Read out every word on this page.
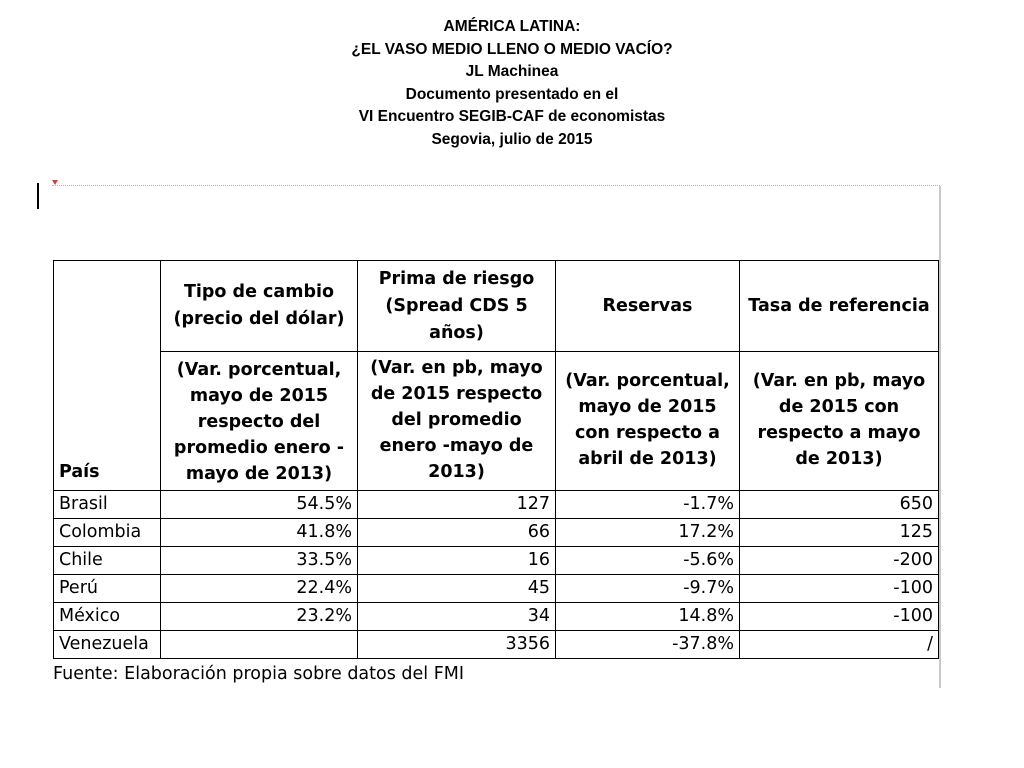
AMÉRICA LATINA:
¿EL VASO MEDIO LLENO O MEDIO VACÍO?
JL Machinea
Documento presentado en el
VI Encuentro SEGIB-CAF de economistas
Segovia, julio de 2015
País	Tipo de cambio (precio del dólar)	Prima de riesgo (Spread CDS 5 años)	Reservas	Tasa de referencia
	(Var. porcentual, mayo de 2015 respecto del promedio enero - mayo de 2013)	(Var. en pb, mayo de 2015 respecto del promedio enero -mayo de 2013)	(Var. porcentual, mayo de 2015 con respecto a abril de 2013)	(Var. en pb, mayo de 2015 con respecto a mayo de 2013)
Brasil	54.5%	127	-1.7%	650
Colombia	41.8%	66	17.2%	125
Chile	33.5%	16	-5.6%	-200
Perú	22.4%	45	-9.7%	-100
México	23.2%	34	14.8%	-100
Venezuela		3356	-37.8%	/
Fuente: Elaboración propia sobre datos del FMI
